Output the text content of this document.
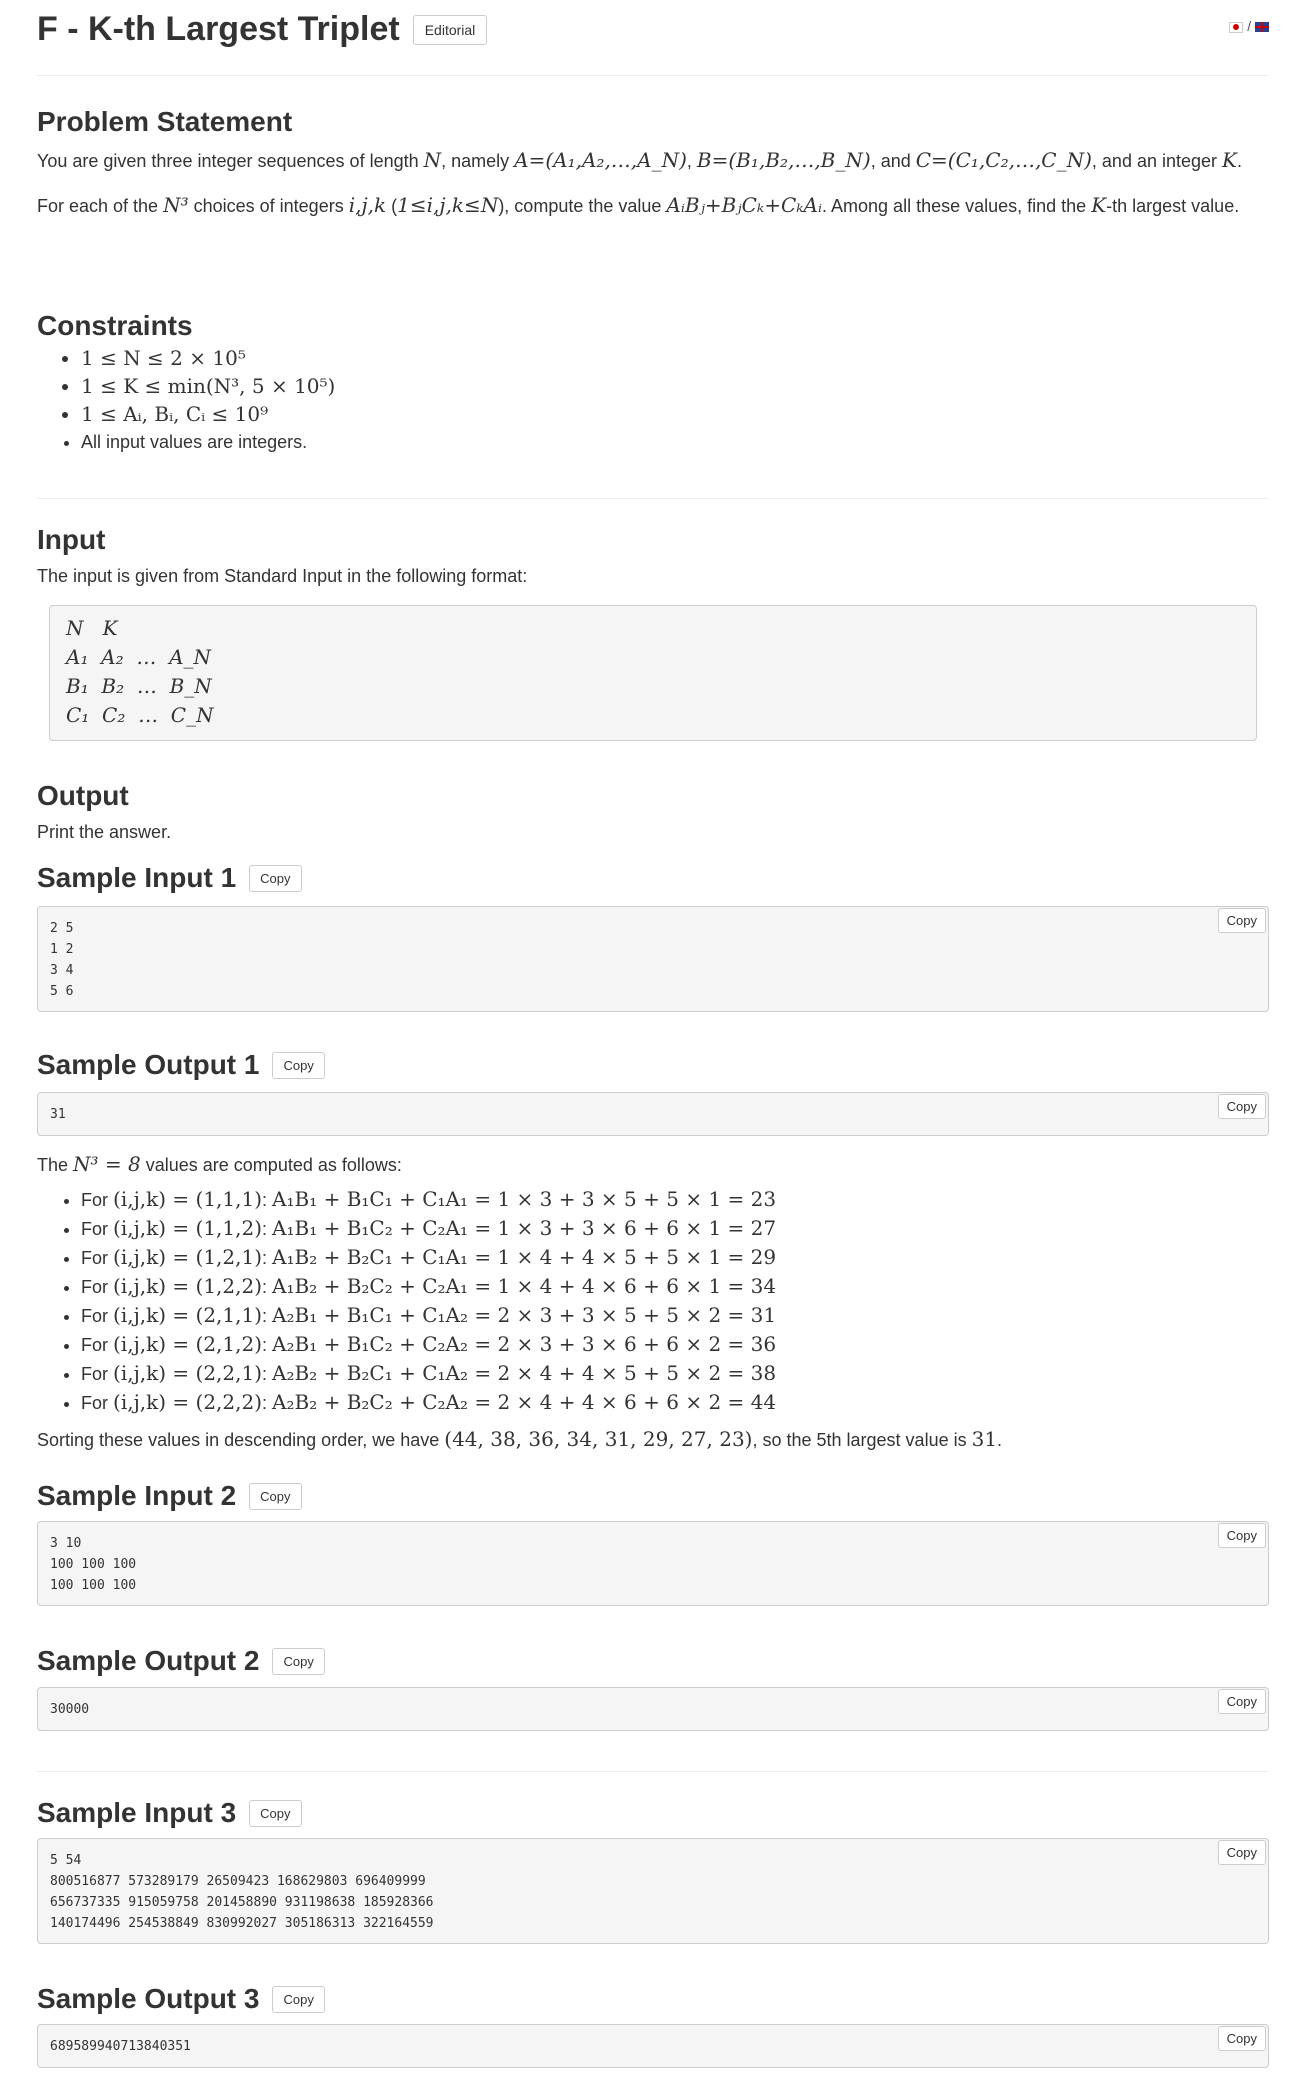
F - K-th Largest Triplet Editorial	/
Problem Statement

You are given three integer sequences of length N, namely A=(A₁,A₂,…,A_N), B=(B₁,B₂,…,B_N), and C=(C₁,C₂,…,C_N), and an integer K.

For each of the N³ choices of integers i,j,k (1≤i,j,k≤N), compute the value AᵢBⱼ+BⱼCₖ+CₖAᵢ. Among all these values, find the K-th largest value.

Constraints
• 1 ≤ N ≤ 2 × 10⁵
• 1 ≤ K ≤ min(N³, 5 × 10⁵)
• 1 ≤ Aᵢ, Bᵢ, Cᵢ ≤ 10⁹
• All input values are integers.
Input

The input is given from Standard Input in the following format:

N   K
A₁  A₂  …  A_N
B₁  B₂  …  B_N
C₁  C₂  …  C_N
Output

Print the answer.

Sample Input 1 Copy
2 5
1 2
3 4
5 6
Copy
Sample Output 1 Copy
31
Copy

The N³ = 8 values are computed as follows:

• For (i,j,k) = (1,1,1): A₁B₁ + B₁C₁ + C₁A₁ = 1 × 3 + 3 × 5 + 5 × 1 = 23
• For (i,j,k) = (1,1,2): A₁B₁ + B₁C₂ + C₂A₁ = 1 × 3 + 3 × 6 + 6 × 1 = 27
• For (i,j,k) = (1,2,1): A₁B₂ + B₂C₁ + C₁A₁ = 1 × 4 + 4 × 5 + 5 × 1 = 29
• For (i,j,k) = (1,2,2): A₁B₂ + B₂C₂ + C₂A₁ = 1 × 4 + 4 × 6 + 6 × 1 = 34
• For (i,j,k) = (2,1,1): A₂B₁ + B₁C₁ + C₁A₂ = 2 × 3 + 3 × 5 + 5 × 2 = 31
• For (i,j,k) = (2,1,2): A₂B₁ + B₁C₂ + C₂A₂ = 2 × 3 + 3 × 6 + 6 × 2 = 36
• For (i,j,k) = (2,2,1): A₂B₂ + B₂C₁ + C₁A₂ = 2 × 4 + 4 × 5 + 5 × 2 = 38
• For (i,j,k) = (2,2,2): A₂B₂ + B₂C₂ + C₂A₂ = 2 × 4 + 4 × 6 + 6 × 2 = 44

Sorting these values in descending order, we have (44, 38, 36, 34, 31, 29, 27, 23), so the 5th largest value is 31.

Sample Input 2 Copy
3 10
100 100 100
100 100 100
Copy
Sample Output 2 Copy
30000
Copy
Sample Input 3 Copy
5 54
800516877 573289179 26509423 168629803 696409999
656737335 915059758 201458890 931198638 185928366
140174496 254538849 830992027 305186313 322164559
Copy
Sample Output 3 Copy
689589940713840351
Copy
